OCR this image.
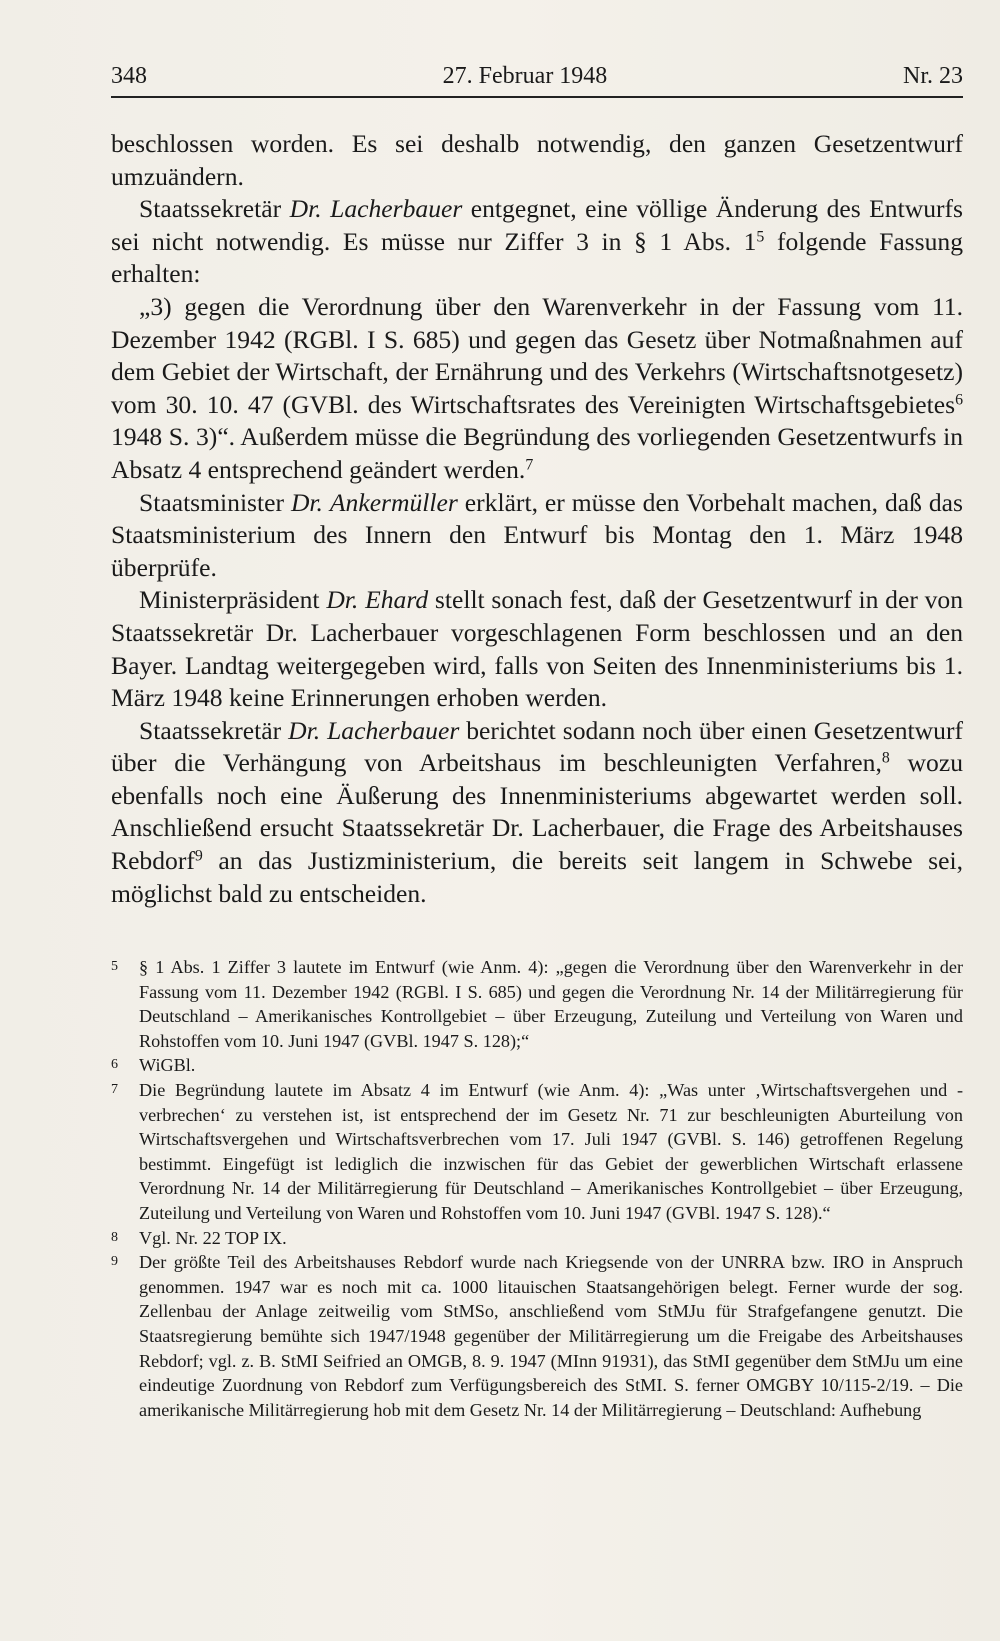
348	27. Februar 1948	Nr. 23

beschlossen worden. Es sei deshalb notwendig, den ganzen Gesetzentwurf umzuändern.

Staatssekretär Dr. Lacherbauer entgegnet, eine völlige Änderung des Entwurfs sei nicht notwendig. Es müsse nur Ziffer 3 in § 1 Abs. $1^5$ folgende Fassung erhalten:

„3) gegen die Verordnung über den Warenverkehr in der Fassung vom 11. Dezember 1942 (RGBl. I S. 685) und gegen das Gesetz über Notmaßnahmen auf dem Gebiet der Wirtschaft, der Ernährung und des Verkehrs (Wirtschaftsnotgesetz) vom 30. 10. 47 (GVBl. des Wirtschaftsrates des Vereinigten Wirtschaftsgebietes$^6$ 1948 S. 3)“. Außerdem müsse die Begründung des vorliegenden Gesetzentwurfs in Absatz 4 entsprechend geändert werden.$^7$

Staatsminister Dr. Ankermüller erklärt, er müsse den Vorbehalt machen, daß das Staatsministerium des Innern den Entwurf bis Montag den 1. März 1948 überprüfe.

Ministerpräsident Dr. Ehard stellt sonach fest, daß der Gesetzentwurf in der von Staatssekretär Dr. Lacherbauer vorgeschlagenen Form beschlossen und an den Bayer. Landtag weitergegeben wird, falls von Seiten des Innenministeriums bis 1. März 1948 keine Erinnerungen erhoben werden.

Staatssekretär Dr. Lacherbauer berichtet sodann noch über einen Gesetzentwurf über die Verhängung von Arbeitshaus im beschleunigten Verfahren,$^8$ wozu ebenfalls noch eine Äußerung des Innenministeriums abgewartet werden soll. Anschließend ersucht Staatssekretär Dr. Lacherbauer, die Frage des Arbeitshauses Rebdorf$^9$ an das Justizministerium, die bereits seit langem in Schwebe sei, möglichst bald zu entscheiden.

5	§ 1 Abs. 1 Ziffer 3 lautete im Entwurf (wie Anm. 4): „gegen die Verordnung über den Warenverkehr in der Fassung vom 11. Dezember 1942 (RGBl. I S. 685) und gegen die Verordnung Nr. 14 der Militärregierung für Deutschland – Amerikanisches Kontrollgebiet – über Erzeugung, Zuteilung und Verteilung von Waren und Rohstoffen vom 10. Juni 1947 (GVBl. 1947 S. 128);“
6	WiGBl.
7	Die Begründung lautete im Absatz 4 im Entwurf (wie Anm. 4): „Was unter ‚Wirtschaftsvergehen und -verbrechen‘ zu verstehen ist, ist entsprechend der im Gesetz Nr. 71 zur beschleunigten Aburteilung von Wirtschaftsvergehen und Wirtschaftsverbrechen vom 17. Juli 1947 (GVBl. S. 146) getroffenen Regelung bestimmt. Eingefügt ist lediglich die inzwischen für das Gebiet der gewerblichen Wirtschaft erlassene Verordnung Nr. 14 der Militärregierung für Deutschland – Amerikanisches Kontrollgebiet – über Erzeugung, Zuteilung und Verteilung von Waren und Rohstoffen vom 10. Juni 1947 (GVBl. 1947 S. 128).“
8	Vgl. Nr. 22 TOP IX.
9	Der größte Teil des Arbeitshauses Rebdorf wurde nach Kriegsende von der UNRRA bzw. IRO in Anspruch genommen. 1947 war es noch mit ca. 1000 litauischen Staatsangehörigen belegt. Ferner wurde der sog. Zellenbau der Anlage zeitweilig vom StMSo, anschließend vom StMJu für Strafgefangene genutzt. Die Staatsregierung bemühte sich 1947/1948 gegenüber der Militärregierung um die Freigabe des Arbeitshauses Rebdorf; vgl. z. B. StMI Seifried an OMGB, 8. 9. 1947 (MInn 91931), das StMI gegenüber dem StMJu um eine eindeutige Zuordnung von Rebdorf zum Verfügungsbereich des StMI. S. ferner OMGBY 10/115-2/19. – Die amerikanische Militärregierung hob mit dem Gesetz Nr. 14 der Militärregierung – Deutschland: Aufhebung
